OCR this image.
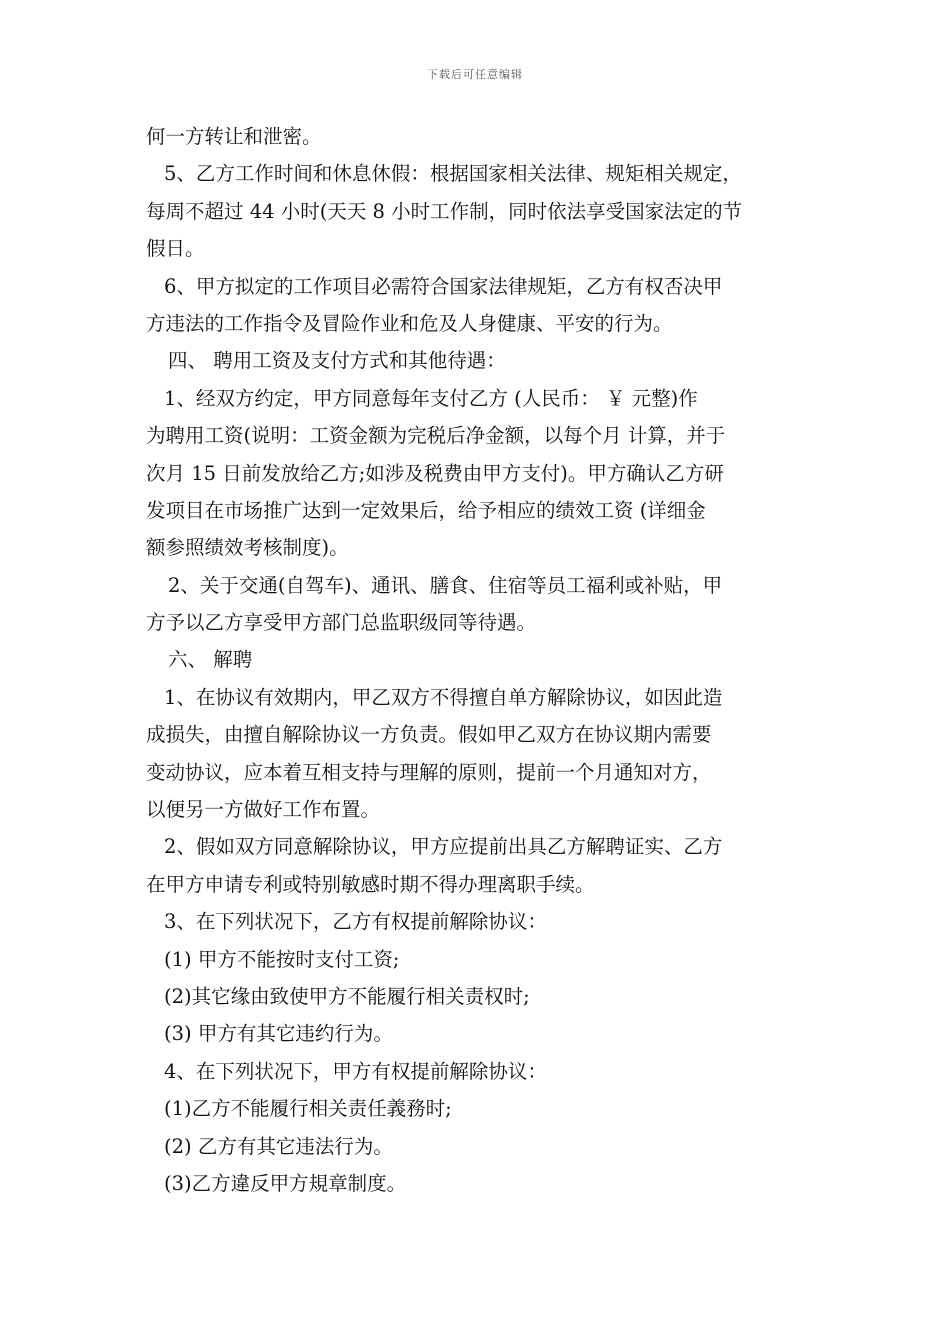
下载后可任意编辑
何一方转让和泄密。
5、乙方工作时间和休息休假：根据国家相关法律、规矩相关规定，
每周不超过 44 小时(天天 8 小时工作制，同时依法享受国家法定的节
假日。
6、甲方拟定的工作项目必需符合国家法律规矩，乙方有权否决甲
方违法的工作指令及冒险作业和危及人身健康、平安的行为。
四、 聘用工资及支付方式和其他待遇：
1、经双方约定，甲方同意每年支付乙方 (人民币： ￥ 元整)作
为聘用工资(说明：工资金额为完税后净金额，以每个月 计算，并于
次月 15 日前发放给乙方;如涉及税费由甲方支付)。甲方确认乙方研
发项目在市场推广达到一定效果后，给予相应的绩效工资 (详细金
额参照绩效考核制度)。
2、关于交通(自驾车)、通讯、膳食、住宿等员工福利或补贴，甲
方予以乙方享受甲方部门总监职级同等待遇。
六、 解聘
1、在协议有效期内，甲乙双方不得擅自单方解除协议，如因此造
成损失，由擅自解除协议一方负责。假如甲乙双方在协议期内需要
变动协议，应本着互相支持与理解的原则，提前一个月通知对方，
以便另一方做好工作布置。
2、假如双方同意解除协议，甲方应提前出具乙方解聘证实、乙方
在甲方申请专利或特别敏感时期不得办理离职手续。
3、在下列状况下，乙方有权提前解除协议：
(1) 甲方不能按时支付工资;
(2)其它缘由致使甲方不能履行相关责权时;
(3) 甲方有其它违约行为。
4、在下列状况下，甲方有权提前解除协议：
(1)乙方不能履行相关责任義務时;
(2) 乙方有其它违法行为。
(3)乙方違反甲方規章制度。
